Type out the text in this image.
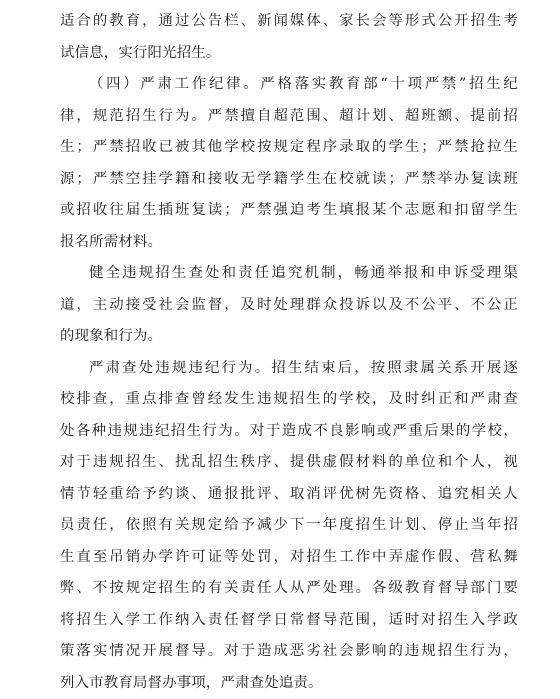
适合的教育，通过公告栏、新闻媒体、家长会等形式公开招生考
试信息，实行阳光招生。
（四）严肃工作纪律。严格落实教育部“十项严禁”招生纪
律，规范招生行为。严禁擅自超范围、超计划、超班额、提前招
生；严禁招收已被其他学校按规定程序录取的学生；严禁抢拉生
源；严禁空挂学籍和接收无学籍学生在校就读；严禁举办复读班
或招收往届生插班复读；严禁强迫考生填报某个志愿和扣留学生
报名所需材料。
健全违规招生查处和责任追究机制，畅通举报和申诉受理渠
道，主动接受社会监督，及时处理群众投诉以及不公平、不公正
的现象和行为。
严肃查处违规违纪行为。招生结束后，按照隶属关系开展逐
校排查，重点排查曾经发生违规招生的学校，及时纠正和严肃查
处各种违规违纪招生行为。对于造成不良影响或严重后果的学校，
对于违规招生、扰乱招生秩序、提供虚假材料的单位和个人，视
情节轻重给予约谈、通报批评、取消评优树先资格、追究相关人
员责任，依照有关规定给予减少下一年度招生计划、停止当年招
生直至吊销办学许可证等处罚，对招生工作中弄虚作假、营私舞
弊、不按规定招生的有关责任人从严处理。各级教育督导部门要
将招生入学工作纳入责任督学日常督导范围，适时对招生入学政
策落实情况开展督导。对于造成恶劣社会影响的违规招生行为，
列入市教育局督办事项，严肃查处追责。
